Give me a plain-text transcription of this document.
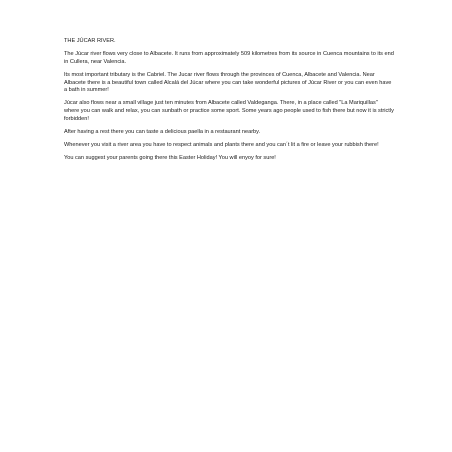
THE JÚCAR RIVER.

The Júcar river flows very close to Albacete. It runs from approximately 509 kilometres from its source in Cuenca mountains to its end in Cullera, near Valencia.

Its most important tributary is the Cabriel. The Jucar river flows through the provinces of Cuenca, Albacete and Valencia. Near Albacete there is a beautiful town called Alcalá del Júcar where you can take wonderful pictures of Júcar River or you can even have a bath in summer!

Júcar also flows near a small village just ten minutes from Albacete called Valdeganga. There, in a place called "La Mariquillas" where you can walk and relax, you can sunbath or practice some sport. Some years ago people used to fish there but now it is strictly forbidden!

After having a rest there you can taste a delicious paella in a restaurant nearby.

Whenever you visit a river area you have to respect animals and plants there and you can´t lit a fire or leave your rubbish there!

You can suggest your parents going there this Easter Holiday! You will enyoy for sure!
